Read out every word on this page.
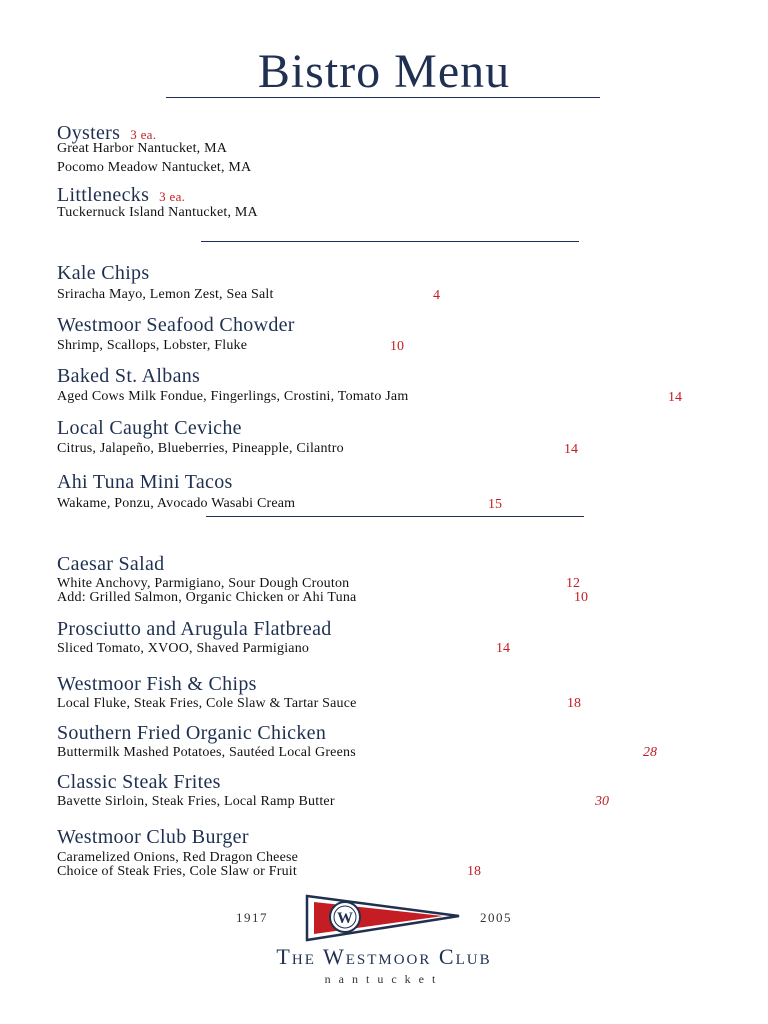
Bistro Menu
Oysters 3 ea.
Great Harbor Nantucket, MA
Pocomo Meadow Nantucket, MA
Littlenecks 3 ea.
Tuckernuck Island Nantucket, MA
Kale Chips
Sriracha Mayo, Lemon Zest, Sea Salt	4
Westmoor Seafood Chowder
Shrimp, Scallops, Lobster, Fluke	10
Baked St. Albans
Aged Cows Milk Fondue, Fingerlings, Crostini, Tomato Jam	14
Local Caught Ceviche
Citrus, Jalapeño, Blueberries, Pineapple, Cilantro	14
Ahi Tuna Mini Tacos
Wakame, Ponzu, Avocado Wasabi Cream	15
Caesar Salad
White Anchovy, Parmigiano, Sour Dough Crouton	12
Add: Grilled Salmon, Organic Chicken or Ahi Tuna	10
Prosciutto and Arugula Flatbread
Sliced Tomato, XVOO, Shaved Parmigiano	14
Westmoor Fish & Chips
Local Fluke, Steak Fries, Cole Slaw & Tartar Sauce	18
Southern Fried Organic Chicken
Buttermilk Mashed Potatoes, Sautéed Local Greens	28
Classic Steak Frites
Bavette Sirloin, Steak Fries, Local Ramp Butter	30
Westmoor Club Burger
Caramelized Onions, Red Dragon Cheese
Choice of Steak Fries, Cole Slaw or Fruit	18
1917	W	2005
The Westmoor Club
nantucket
